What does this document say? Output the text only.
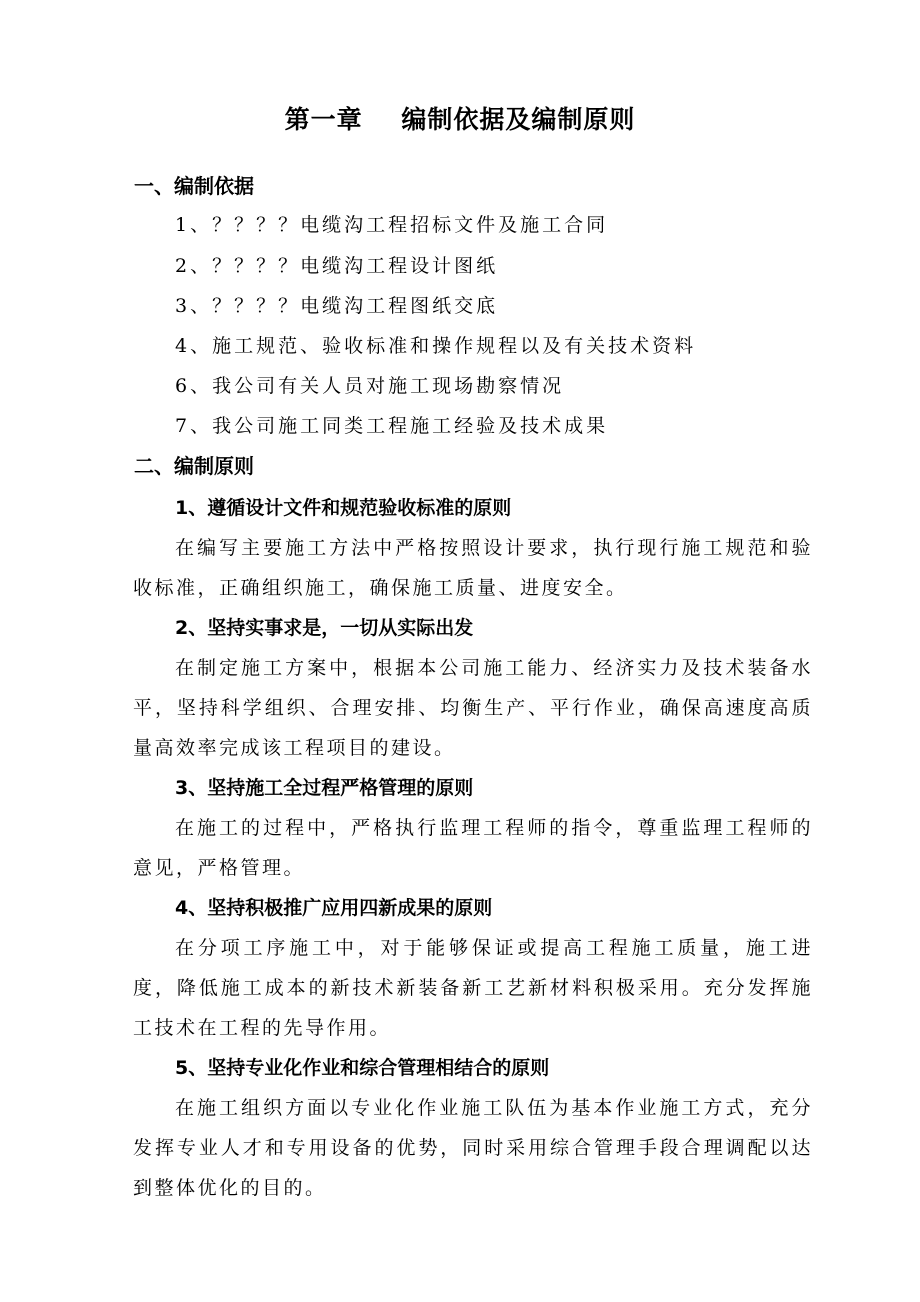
第一章    编制依据及编制原则
一、编制依据
1、？？？？电缆沟工程招标文件及施工合同
2、？？？？电缆沟工程设计图纸
3、？？？？电缆沟工程图纸交底
4、施工规范、验收标准和操作规程以及有关技术资料
6、我公司有关人员对施工现场勘察情况
7、我公司施工同类工程施工经验及技术成果
二、编制原则
1、遵循设计文件和规范验收标准的原则

在编写主要施工方法中严格按照设计要求，执行现行施工规范和验收标准，正确组织施工，确保施工质量、进度安全。

2、坚持实事求是，一切从实际出发

在制定施工方案中，根据本公司施工能力、经济实力及技术装备水平，坚持科学组织、合理安排、均衡生产、平行作业，确保高速度高质量高效率完成该工程项目的建设。

3、坚持施工全过程严格管理的原则

在施工的过程中，严格执行监理工程师的指令，尊重监理工程师的意见，严格管理。

4、坚持积极推广应用四新成果的原则

在分项工序施工中，对于能够保证或提高工程施工质量，施工进度，降低施工成本的新技术新装备新工艺新材料积极采用。充分发挥施工技术在工程的先导作用。

5、坚持专业化作业和综合管理相结合的原则

在施工组织方面以专业化作业施工队伍为基本作业施工方式，充分发挥专业人才和专用设备的优势，同时采用综合管理手段合理调配以达到整体优化的目的。
